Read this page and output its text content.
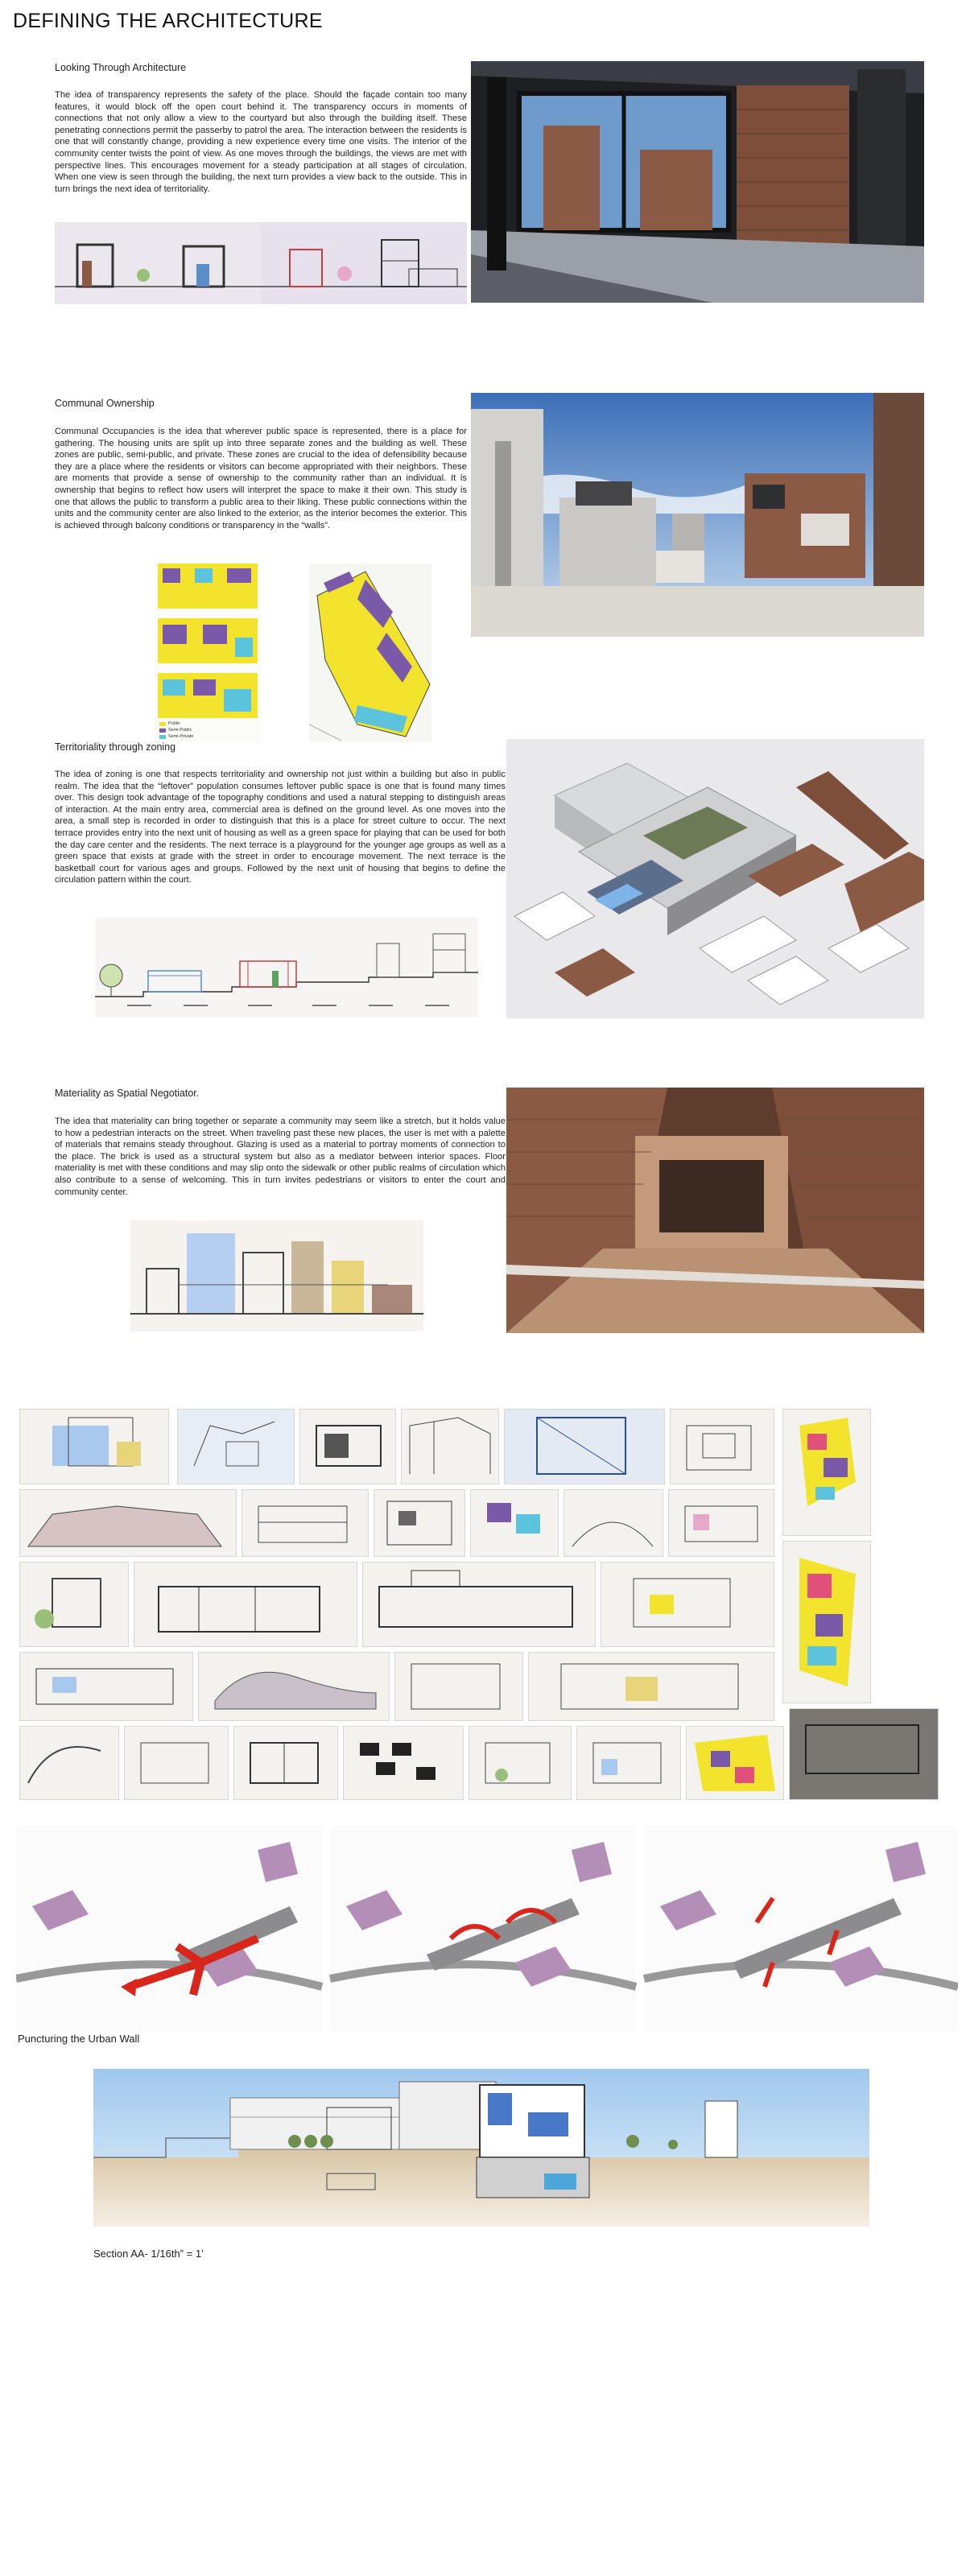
DEFINING THE ARCHITECTURE
Looking Through Architecture
The idea of transparency represents the safety of the place. Should the façade contain too many features, it would block off the open court behind it. The transparency occurs in moments of connections that not only allow a view to the courtyard but also through the building itself. These penetrating connections permit the passerby to patrol the area. The interaction between the residents is one that will constantly change, providing a new experience every time one visits. The interior of the community center twists the point of view. As one moves through the buildings, the views are met with perspective lines. This encourages movement for a steady participation at all stages of circulation. When one view is seen through the building, the next turn provides a view back to the outside. This in turn brings the next idea of territoriality.
Communal Ownership
Communal Occupancies is the idea that wherever public space is represented, there is a place for gathering. The housing units are split up into three separate zones and the building as well. These zones are public, semi-public, and private. These zones are crucial to the idea of defensibility because they are a place where the residents or visitors can become appropriated with their neighbors. These are moments that provide a sense of ownership to the community rather than an individual. It is ownership that begins to reflect how users will interpret the space to make it their own. This study is one that allows the public to transform a public area to their liking. These public connections within the units and the community center are also linked to the exterior, as the interior becomes the exterior. This is achieved through balcony conditions or transparency in the “walls”.
Public
Semi-Public
Semi-Private
Territoriality through zoning
The idea of zoning is one that respects territoriality and ownership not just within a building but also in public realm. The idea that the “leftover” population consumes leftover public space is one that is found many times over. This design took advantage of the topography conditions and used a natural stepping to distinguish areas of interaction. At the main entry area, commercial area is defined on the ground level. As one moves into the area, a small step is recorded in order to distinguish that this is a place for street culture to occur. The next terrace provides entry into the next unit of housing as well as a green space for playing that can be used for both the day care center and the residents. The next terrace is a playground for the younger age groups as well as a green space that exists at grade with the street in order to encourage movement. The next terrace is the basketball court for various ages and groups. Followed by the next unit of housing that begins to define the circulation pattern within the court.
Materiality as Spatial Negotiator.
The idea that materiality can bring together or separate a community may seem like a stretch, but it holds value to how a pedestrian interacts on the street. When traveling past these new places, the user is met with a palette of materials that remains steady throughout. Glazing is used as a material to portray moments of connection to the place. The brick is used as a structural system but also as a mediator between interior spaces. Floor materiality is met with these conditions and may slip onto the sidewalk or other public realms of circulation which also contribute to a sense of welcoming. This in turn invites pedestrians or visitors to enter the court and community center.
Puncturing the Urban Wall
Section AA- 1/16th” = 1’
